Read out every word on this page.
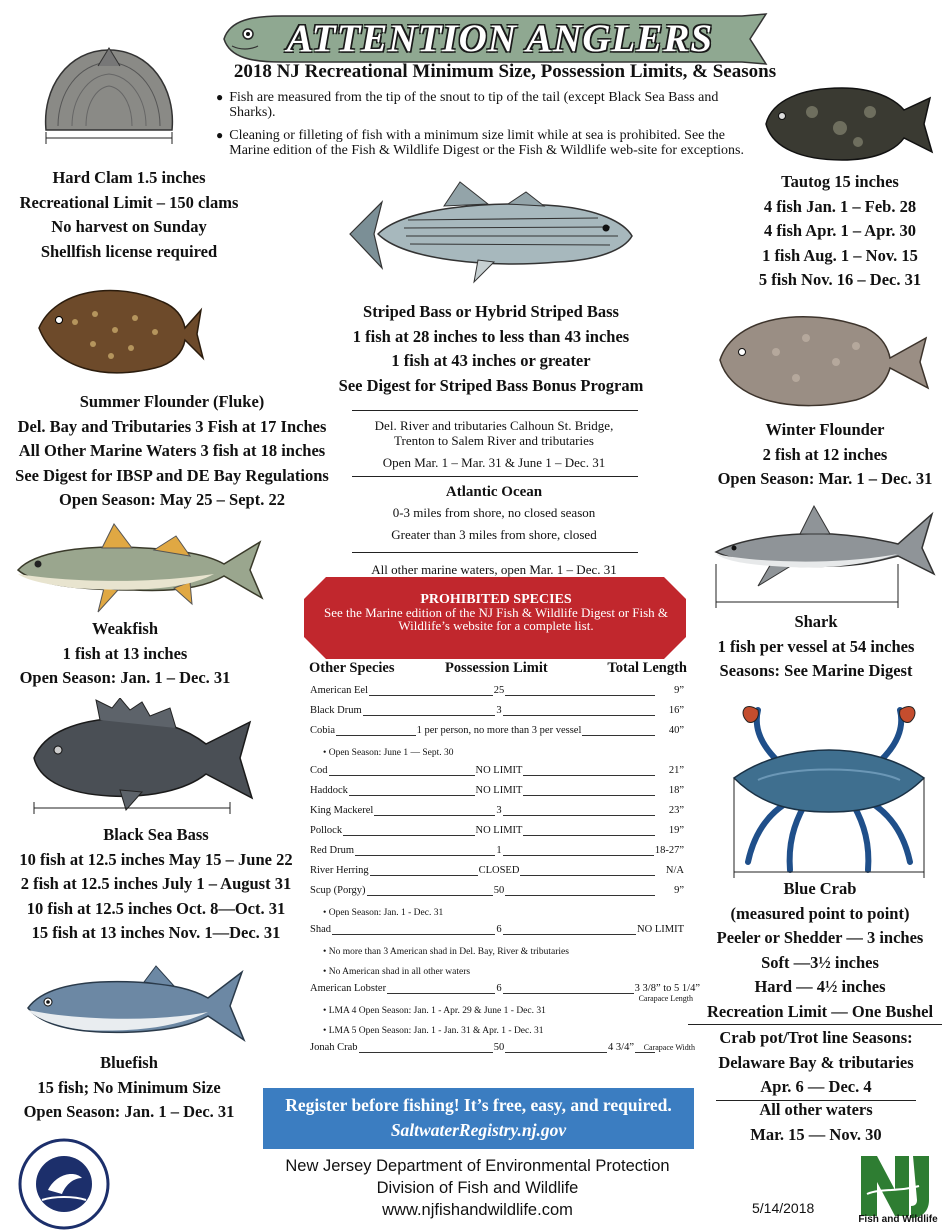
ATTENTION ANGLERS
2018 NJ Recreational Minimum Size, Possession Limits, & Seasons
● Fish are measured from the tip of the snout to tip of the tail (except Black Sea Bass and Sharks).
● Cleaning or filleting of fish with a minimum size limit while at sea is prohibited. See the Marine edition of the Fish & Wildlife Digest or the Fish & Wildlife web-site for exceptions.
Hard Clam 1.5 inches
Recreational Limit – 150 clams
No harvest on Sunday
Shellfish license required
Summer Flounder (Fluke)
Del. Bay and Tributaries 3 Fish at 17 Inches
All Other Marine Waters 3 fish at 18 inches
See Digest for IBSP and DE Bay Regulations
Open Season: May 25 – Sept. 22
Weakfish
1 fish at 13 inches
Open Season: Jan. 1 – Dec. 31
Black Sea Bass
10 fish at 12.5 inches May 15 – June 22
2 fish at 12.5 inches July 1 – August 31
10 fish at 12.5 inches Oct. 8—Oct. 31
15 fish at 13 inches Nov. 1—Dec. 31
Bluefish
15 fish; No Minimum Size
Open Season: Jan. 1 – Dec. 31
Striped Bass or Hybrid Striped Bass
1 fish at 28 inches to less than 43 inches
1 fish at 43 inches or greater
See Digest for Striped Bass Bonus Program
Del. River and tributaries Calhoun St. Bridge,
Trenton to Salem River and tributaries
Open Mar. 1 – Mar. 31 & June 1 – Dec. 31
Atlantic Ocean
0-3 miles from shore, no closed season
Greater than 3 miles from shore, closed
All other marine waters, open Mar. 1 – Dec. 31
PROHIBITED SPECIES
See the Marine edition of the NJ Fish & Wildlife Digest or Fish & Wildlife’s website for a complete list.
Other Species	Possession Limit	Total Length
American Eel	25	9”
Black Drum	3	16”
Cobia	1 per person, no more than 3 per vessel	40”
• Open Season: June 1 — Sept. 30
Cod	NO LIMIT	21”
Haddock	NO LIMIT	18”
King Mackerel	3	23”
Pollock	NO LIMIT	19”
Red Drum	1	18-27”
River Herring	CLOSED	N/A
Scup (Porgy)	50	9”
• Open Season: Jan. 1 - Dec. 31
Shad	6	NO LIMIT
• No more than 3 American shad in Del. Bay, River & tributaries
• No American shad in all other waters
American Lobster	6	3 3/8” to 5 1/4”
Carapace Length
• LMA 4 Open Season: Jan. 1 - Apr. 29 & June 1 - Dec. 31
• LMA 5 Open Season: Jan. 1 - Jan. 31 & Apr. 1 - Dec. 31
Jonah Crab	50	4 3/4” Carapace Width
Register before fishing! It’s free, easy, and required.
SaltwaterRegistry.nj.gov
New Jersey Department of Environmental Protection
Division of Fish and Wildlife
www.njfishandwildlife.com	5/14/2018
Fish and Wildlife
Tautog 15 inches
4 fish Jan. 1 – Feb. 28
4 fish Apr. 1 – Apr. 30
1 fish Aug. 1 – Nov. 15
5 fish Nov. 16 – Dec. 31
Winter Flounder
2 fish at 12 inches
Open Season: Mar. 1 – Dec. 31
Shark
1 fish per vessel at 54 inches
Seasons: See Marine Digest
Blue Crab
(measured point to point)
Peeler or Shedder — 3 inches
Soft —3½ inches
Hard — 4½ inches
Recreation Limit — One Bushel
Crab pot/Trot line Seasons:
Delaware Bay & tributaries
Apr. 6 — Dec. 4
All other waters
Mar. 15 — Nov. 30
